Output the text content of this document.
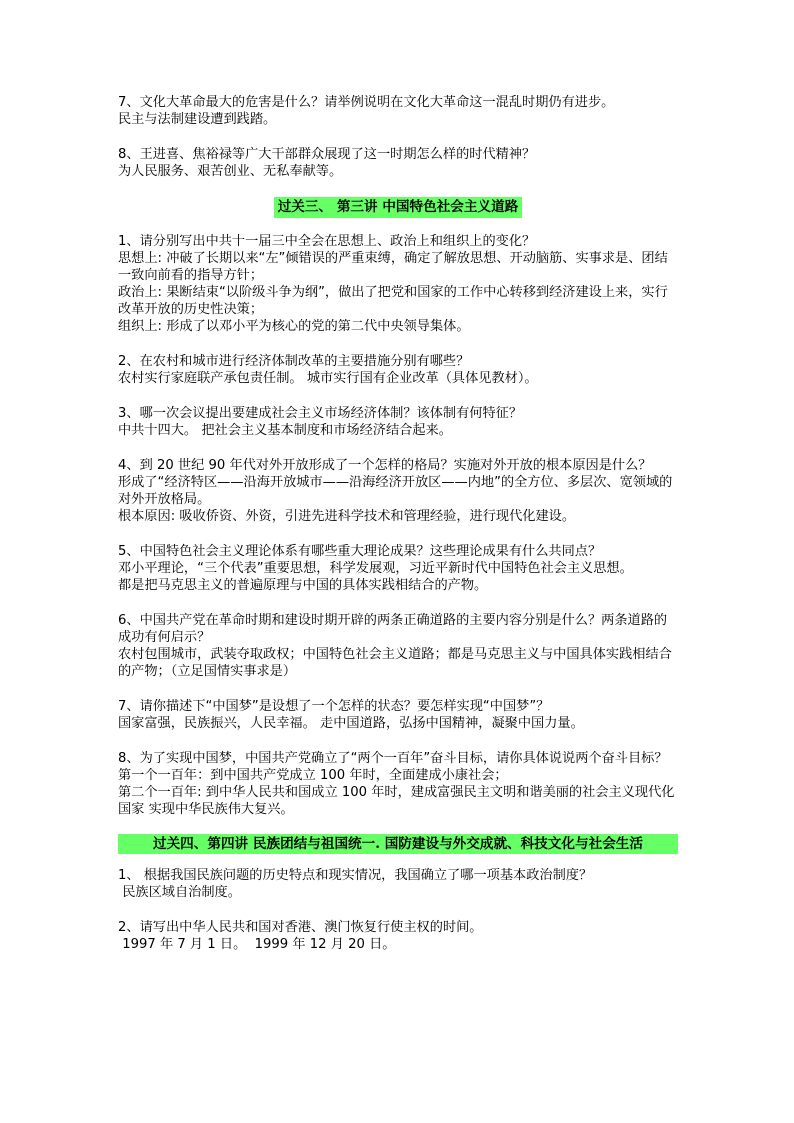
7、文化大革命最大的危害是什么？请举例说明在文化大革命这一混乱时期仍有进步。

民主与法制建设遭到践踏。

8、王进喜、焦裕禄等广大干部群众展现了这一时期怎么样的时代精神？

为人民服务、艰苦创业、无私奉献等。

过关三、 第三讲 中国特色社会主义道路

1、请分别写出中共十一届三中全会在思想上、政治上和组织上的变化？

思想上: 冲破了长期以来“左”倾错误的严重束缚，确定了解放思想、开动脑筋、实事求是、团结一致向前看的指导方针；

政治上: 果断结束“以阶级斗争为纲”，做出了把党和国家的工作中心转移到经济建设上来，实行改革开放的历史性决策；

组织上: 形成了以邓小平为核心的党的第二代中央领导集体。

2、在农村和城市进行经济体制改革的主要措施分别有哪些？

农村实行家庭联产承包责任制。 城市实行国有企业改革（具体见教材）。

3、哪一次会议提出要建成社会主义市场经济体制？该体制有何特征？

中共十四大。 把社会主义基本制度和市场经济结合起来。

4、到 20 世纪 90 年代对外开放形成了一个怎样的格局？实施对外开放的根本原因是什么？

形成了“经济特区——沿海开放城市——沿海经济开放区——内地”的全方位、多层次、宽领域的对外开放格局。

根本原因: 吸收侨资、外资，引进先进科学技术和管理经验，进行现代化建设。

5、中国特色社会主义理论体系有哪些重大理论成果？这些理论成果有什么共同点？

邓小平理论，“三个代表”重要思想，科学发展观，习近平新时代中国特色社会主义思想。

都是把马克思主义的普遍原理与中国的具体实践相结合的产物。

6、中国共产党在革命时期和建设时期开辟的两条正确道路的主要内容分别是什么？两条道路的成功有何启示？

农村包围城市，武装夺取政权；中国特色社会主义道路；都是马克思主义与中国具体实践相结合的产物；（立足国情实事求是）

7、请你描述下“中国梦”是设想了一个怎样的状态？要怎样实现“中国梦”？

国家富强，民族振兴，人民幸福。 走中国道路，弘扬中国精神，凝聚中国力量。

8、为了实现中国梦，中国共产党确立了“两个一百年”奋斗目标，请你具体说说两个奋斗目标？

第一个一百年：到中国共产党成立 100 年时，全面建成小康社会；

第二个一百年: 到中华人民共和国成立 100 年时，建成富强民主文明和谐美丽的社会主义现代化国家 实现中华民族伟大复兴。

过关四、第四讲 民族团结与祖国统一. 国防建设与外交成就、科技文化与社会生活

1、 根据我国民族问题的历史特点和现实情况，我国确立了哪一项基本政治制度？

民族区域自治制度。

2、请写出中华人民共和国对香港、澳门恢复行使主权的时间。

1997 年 7 月 1 日。  1999 年 12 月 20 日。
